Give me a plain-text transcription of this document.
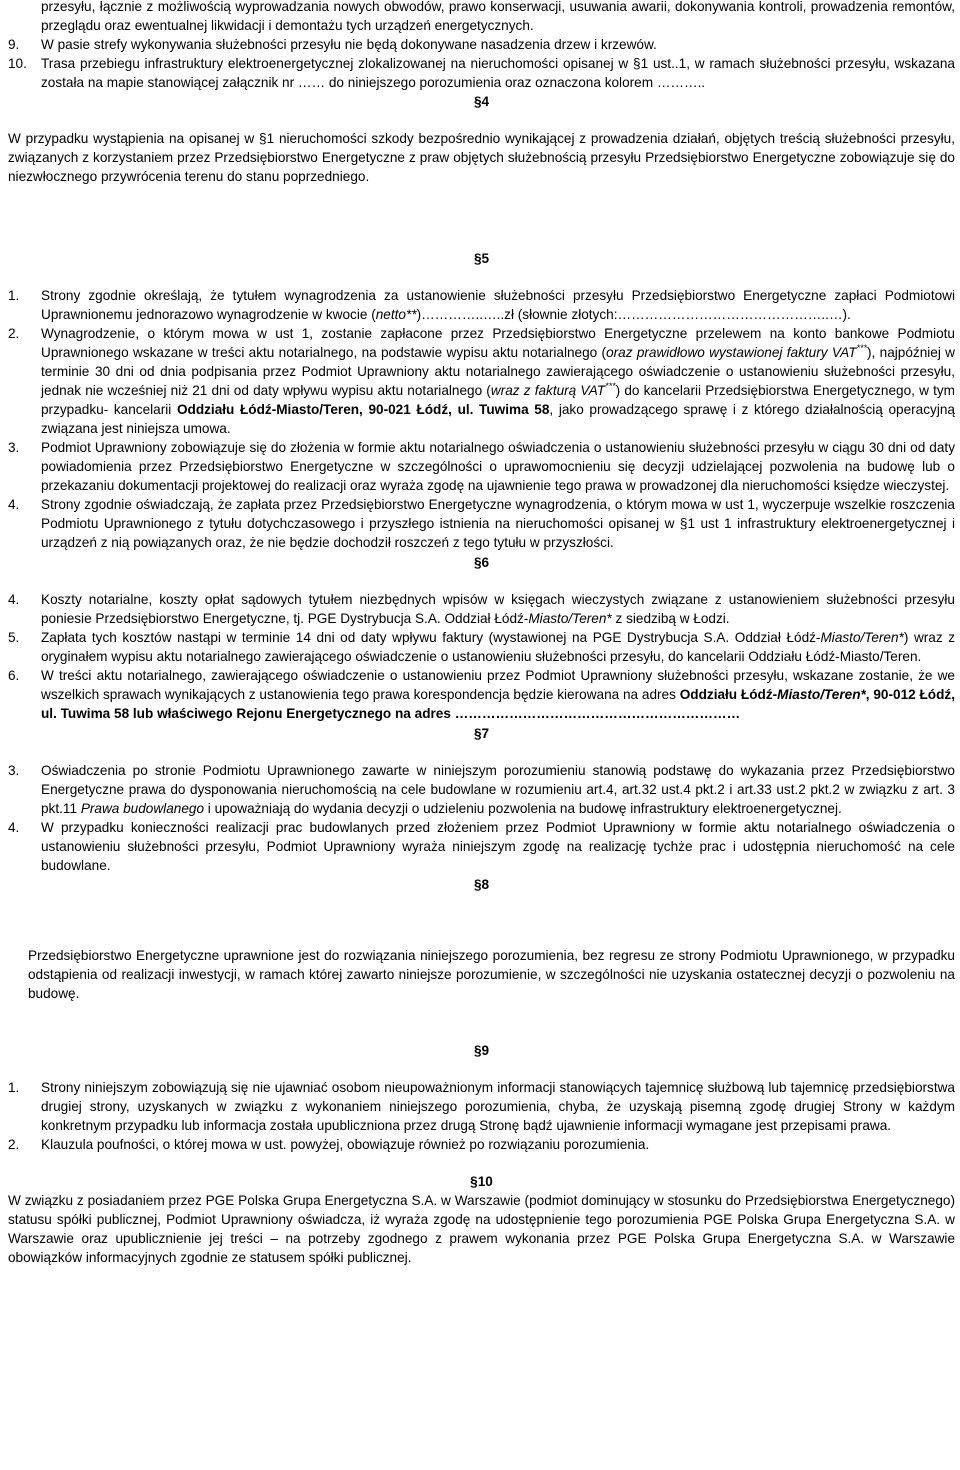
przesyłu, łącznie z możliwością wyprowadzania nowych obwodów, prawo konserwacji, usuwania awarii, dokonywania kontroli, prowadzenia remontów, przeglądu oraz ewentualnej likwidacji i demontażu tych urządzeń energetycznych.

9. W pasie strefy wykonywania służebności przesyłu nie będą dokonywane nasadzenia drzew i krzewów.
10. Trasa przebiegu infrastruktury elektroenergetycznej zlokalizowanej na nieruchomości opisanej w §1 ust..1, w ramach służebności przesyłu, wskazana została na mapie stanowiącej załącznik nr …… do niniejszego porozumienia oraz oznaczona kolorem ………..
§ 4

W przypadku wystąpienia na opisanej w §1 nieruchomości szkody bezpośrednio wynikającej z prowadzenia działań, objętych treścią służebności przesyłu, związanych z korzystaniem przez Przedsiębiorstwo Energetyczne z praw objętych służebnością przesyłu Przedsiębiorstwo Energetyczne zobowiązuje się do niezwłocznego przywrócenia terenu do stanu poprzedniego.

§ 5
1. Strony zgodnie określają, że tytułem wynagrodzenia za ustanowienie służebności przesyłu Przedsiębiorstwo Energetyczne zapłaci Podmiotowi Uprawnionemu jednorazowo wynagrodzenie w kwocie (netto**)…………..…..zł (słownie złotych:………………………………………..…).
2. Wynagrodzenie, o którym mowa w ust 1, zostanie zapłacone przez Przedsiębiorstwo Energetyczne przelewem na konto bankowe Podmiotu Uprawnionego wskazane w treści aktu notarialnego, na podstawie wypisu aktu notarialnego (oraz prawidłowo wystawionej faktury VAT***), najpóźniej w terminie 30 dni od dnia podpisania przez Podmiot Uprawniony aktu notarialnego zawierającego oświadczenie o ustanowieniu służebności przesyłu, jednak nie wcześniej niż 21 dni od daty wpływu wypisu aktu notarialnego (wraz z fakturą VAT***) do kancelarii Przedsiębiorstwa Energetycznego, w tym przypadku- kancelarii Oddziału Łódź-Miasto/Teren, 90-021 Łódź, ul. Tuwima 58, jako prowadzącego sprawę i z którego działalnością operacyjną związana jest niniejsza umowa.
3. Podmiot Uprawniony zobowiązuje się do złożenia w formie aktu notarialnego oświadczenia o ustanowieniu służebności przesyłu w ciągu 30 dni od daty powiadomienia przez Przedsiębiorstwo Energetyczne w szczególności o uprawomocnieniu się decyzji udzielającej pozwolenia na budowę lub o przekazaniu dokumentacji projektowej do realizacji oraz wyraża zgodę na ujawnienie tego prawa w prowadzonej dla nieruchomości księdze wieczystej.
4. Strony zgodnie oświadczają, że zapłata przez Przedsiębiorstwo Energetyczne wynagrodzenia, o którym mowa w ust 1, wyczerpuje wszelkie roszczenia Podmiotu Uprawnionego z tytułu dotychczasowego i przyszłego istnienia na nieruchomości opisanej w §1 ust 1 infrastruktury elektroenergetycznej i urządzeń z nią powiązanych oraz, że nie będzie dochodził roszczeń z tego tytułu w przyszłości.
§ 6
4. Koszty notarialne, koszty opłat sądowych tytułem niezbędnych wpisów w księgach wieczystych związane z ustanowieniem służebności przesyłu poniesie Przedsiębiorstwo Energetyczne, tj. PGE Dystrybucja S.A. Oddział Łódź-Miasto/Teren* z siedzibą w Łodzi.
5. Zapłata tych kosztów nastąpi w terminie 14 dni od daty wpływu faktury (wystawionej na PGE Dystrybucja S.A. Oddział Łódź-Miasto/Teren*) wraz z oryginałem wypisu aktu notarialnego zawierającego oświadczenie o ustanowieniu służebności przesyłu, do kancelarii Oddziału Łódź-Miasto/Teren.
6. W treści aktu notarialnego, zawierającego oświadczenie o ustanowieniu przez Podmiot Uprawniony służebności przesyłu, wskazane zostanie, że we wszelkich sprawach wynikających z ustanowienia tego prawa korespondencja będzie kierowana na adres Oddziału Łódź-Miasto/Teren*, 90-012 Łódź, ul. Tuwima 58 lub właściwego Rejonu Energetycznego na adres ………………………………………………………
§ 7
3. Oświadczenia po stronie Podmiotu Uprawnionego zawarte w niniejszym porozumieniu stanowią podstawę do wykazania przez Przedsiębiorstwo Energetyczne prawa do dysponowania nieruchomością na cele budowlane w rozumieniu art.4, art.32 ust.4 pkt.2 i art.33 ust.2 pkt.2 w związku z art. 3 pkt.11 Prawa budowlanego i upoważniają do wydania decyzji o udzieleniu pozwolenia na budowę infrastruktury elektroenergetycznej.
4. W przypadku konieczności realizacji prac budowlanych przed złożeniem przez Podmiot Uprawniony w formie aktu notarialnego oświadczenia o ustanowieniu służebności przesyłu, Podmiot Uprawniony wyraża niniejszym zgodę na realizację tychże prac i udostępnia nieruchomość na cele budowlane.
§ 8

Przedsiębiorstwo Energetyczne uprawnione jest do rozwiązania niniejszego porozumienia, bez regresu ze strony Podmiotu Uprawnionego, w przypadku odstąpienia od realizacji inwestycji, w ramach której zawarto niniejsze porozumienie, w szczególności nie uzyskania ostatecznej decyzji o pozwoleniu na budowę.

§ 9
1. Strony niniejszym zobowiązują się nie ujawniać osobom nieupoważnionym informacji stanowiących tajemnicę służbową lub tajemnicę przedsiębiorstwa drugiej strony, uzyskanych w związku z wykonaniem niniejszego porozumienia, chyba, że uzyskają pisemną zgodę drugiej Strony w każdym konkretnym przypadku lub informacja została upubliczniona przez drugą Stronę bądź ujawnienie informacji wymagane jest przepisami prawa.
2. Klauzula poufności, o której mowa w ust. powyżej, obowiązuje również po rozwiązaniu porozumienia.
§ 10

W związku z posiadaniem przez PGE Polska Grupa Energetyczna S.A. w Warszawie (podmiot dominujący w stosunku do Przedsiębiorstwa Energetycznego) statusu spółki publicznej, Podmiot Uprawniony oświadcza, iż wyraża zgodę na udostępnienie tego porozumienia PGE Polska Grupa Energetyczna S.A. w Warszawie oraz upublicznienie jej treści – na potrzeby zgodnego z prawem wykonania przez PGE Polska Grupa Energetyczna S.A. w Warszawie obowiązków informacyjnych zgodnie ze statusem spółki publicznej.
